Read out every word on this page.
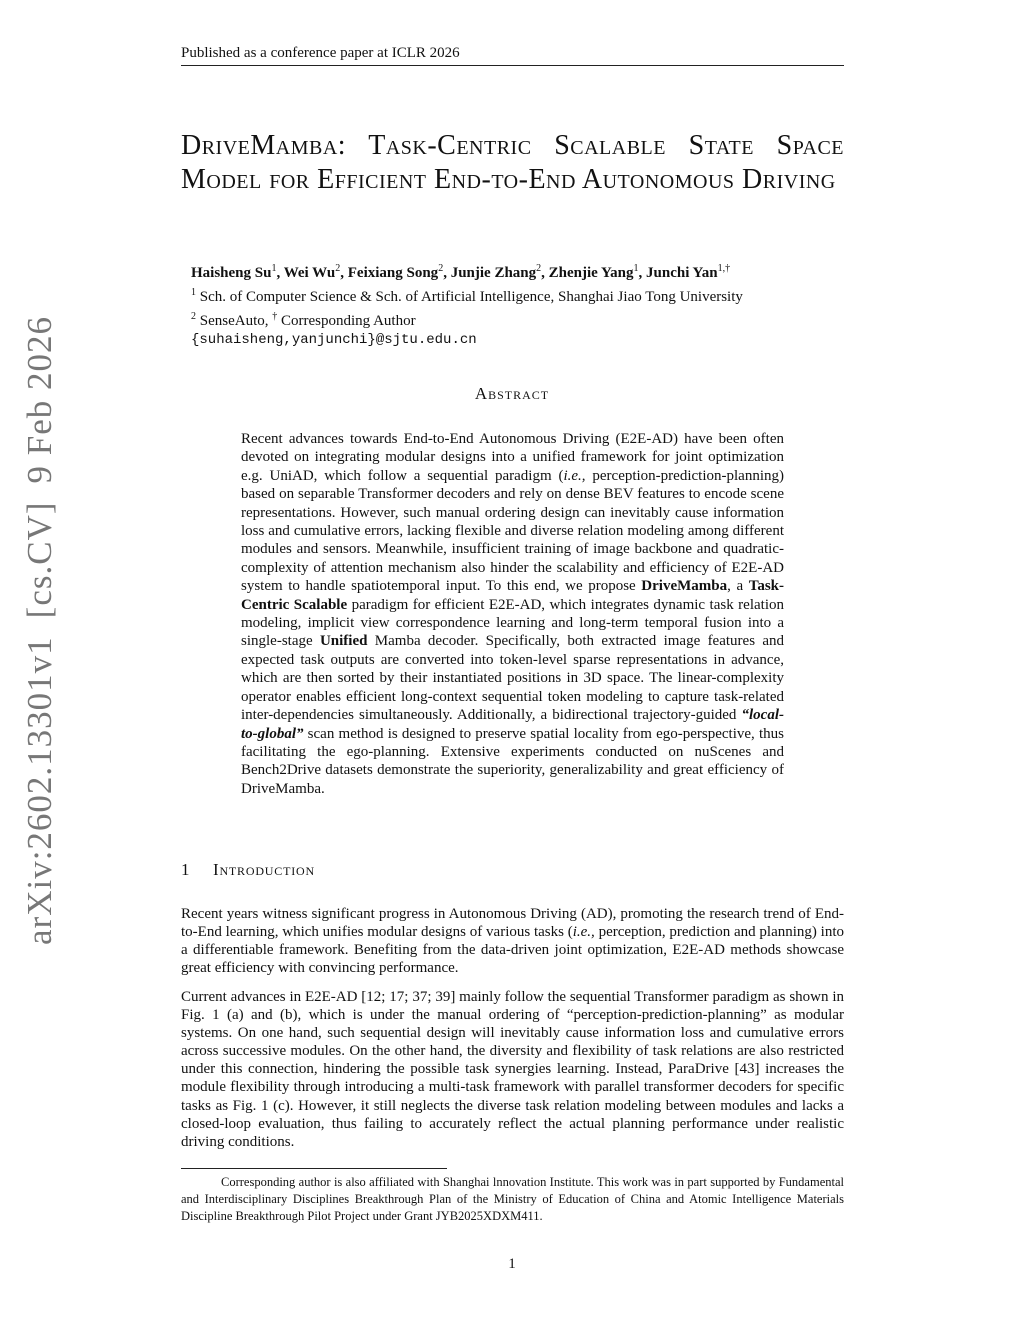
Published as a conference paper at ICLR 2026
DriveMamba: Task-Centric Scalable State Space Model for Efficient End-to-End Autonomous Driving
Haisheng Su$^1$, Wei Wu$^2$, Feixiang Song$^2$, Junjie Zhang$^2$, Zhenjie Yang$^1$, Junchi Yan$^{1,\dagger}$
$^1$ Sch. of Computer Science & Sch. of Artificial Intelligence, Shanghai Jiao Tong University
$^2$ SenseAuto, † Corresponding Author
{suhaisheng,yanjunchi}@sjtu.edu.cn
Abstract
Recent advances towards End-to-End Autonomous Driving (E2E-AD) have been often devoted on integrating modular designs into a unified framework for joint optimization e.g. UniAD, which follow a sequential paradigm (i.e., perception-prediction-planning) based on separable Transformer decoders and rely on dense BEV features to encode scene representations. However, such manual ordering design can inevitably cause information loss and cumulative errors, lacking flexible and diverse relation modeling among different modules and sensors. Meanwhile, insufficient training of image backbone and quadratic-complexity of attention mechanism also hinder the scalability and efficiency of E2E-AD system to handle spatiotemporal input. To this end, we propose DriveMamba, a Task-Centric Scalable paradigm for efficient E2E-AD, which integrates dynamic task relation modeling, implicit view correspondence learning and long-term temporal fusion into a single-stage Unified Mamba decoder. Specifically, both extracted image features and expected task outputs are converted into token-level sparse representations in advance, which are then sorted by their instantiated positions in 3D space. The linear-complexity operator enables efficient long-context sequential token modeling to capture task-related inter-dependencies simultaneously. Additionally, a bidirectional trajectory-guided “local-to-global” scan method is designed to preserve spatial locality from ego-perspective, thus facilitating the ego-planning. Extensive experiments conducted on nuScenes and Bench2Drive datasets demonstrate the superiority, generalizability and great efficiency of DriveMamba.
1 Introduction
Recent years witness significant progress in Autonomous Driving (AD), promoting the research trend of End-to-End learning, which unifies modular designs of various tasks (i.e., perception, prediction and planning) into a differentiable framework. Benefiting from the data-driven joint optimization, E2E-AD methods showcase great efficiency with convincing performance.
Current advances in E2E-AD [12; 17; 37; 39] mainly follow the sequential Transformer paradigm as shown in Fig. 1 (a) and (b), which is under the manual ordering of “perception-prediction-planning” as modular systems. On one hand, such sequential design will inevitably cause information loss and cumulative errors across successive modules. On the other hand, the diversity and flexibility of task relations are also restricted under this connection, hindering the possible task synergies learning. Instead, ParaDrive [43] increases the module flexibility through introducing a multi-task framework with parallel transformer decoders for specific tasks as Fig. 1 (c). However, it still neglects the diverse task relation modeling between modules and lacks a closed-loop evaluation, thus failing to accurately reflect the actual planning performance under realistic driving conditions.
Corresponding author is also affiliated with Shanghai lnnovation Institute. This work was in part supported by Fundamental and Interdisciplinary Disciplines Breakthrough Plan of the Ministry of Education of China and Atomic Intelligence Materials Discipline Breakthrough Pilot Project under Grant JYB2025XDXM411.
1
arXiv:2602.13301v1[cs.CV]9 Feb 2026
